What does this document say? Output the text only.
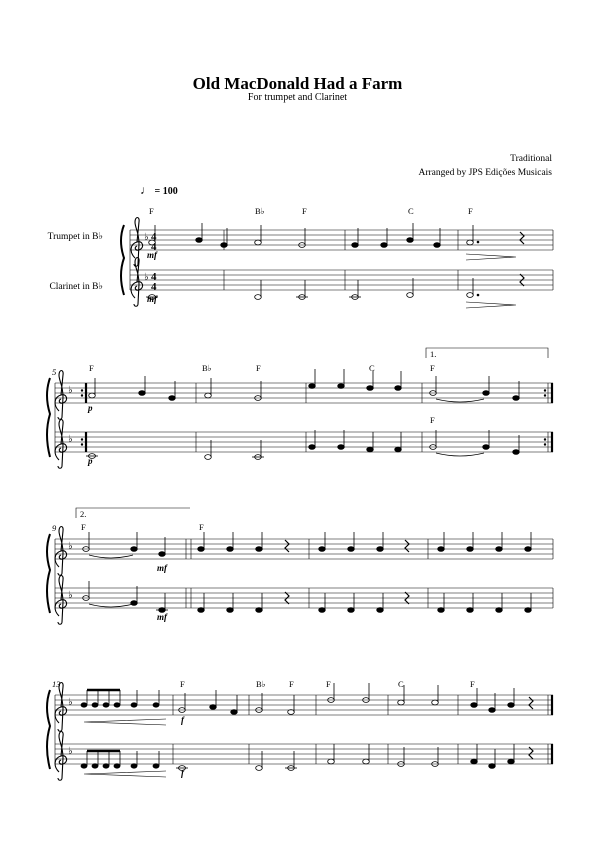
Old MacDonald Had a Farm
For trumpet and Clarinet
Traditional
Arranged by JPS Edições Musicais
♩ = 100
Trumpet in B♭
Clarinet in B♭
♭
♭
4
4
4
4
F	B♭	F	C	F
mf
mf
♭
♭
5	F	B♭	F	C	F
F
p
p
1.
♭
♭
9
2.
F	F
mf
mf
♭
♭
13	F	B♭	F	F	C	F
f
f
